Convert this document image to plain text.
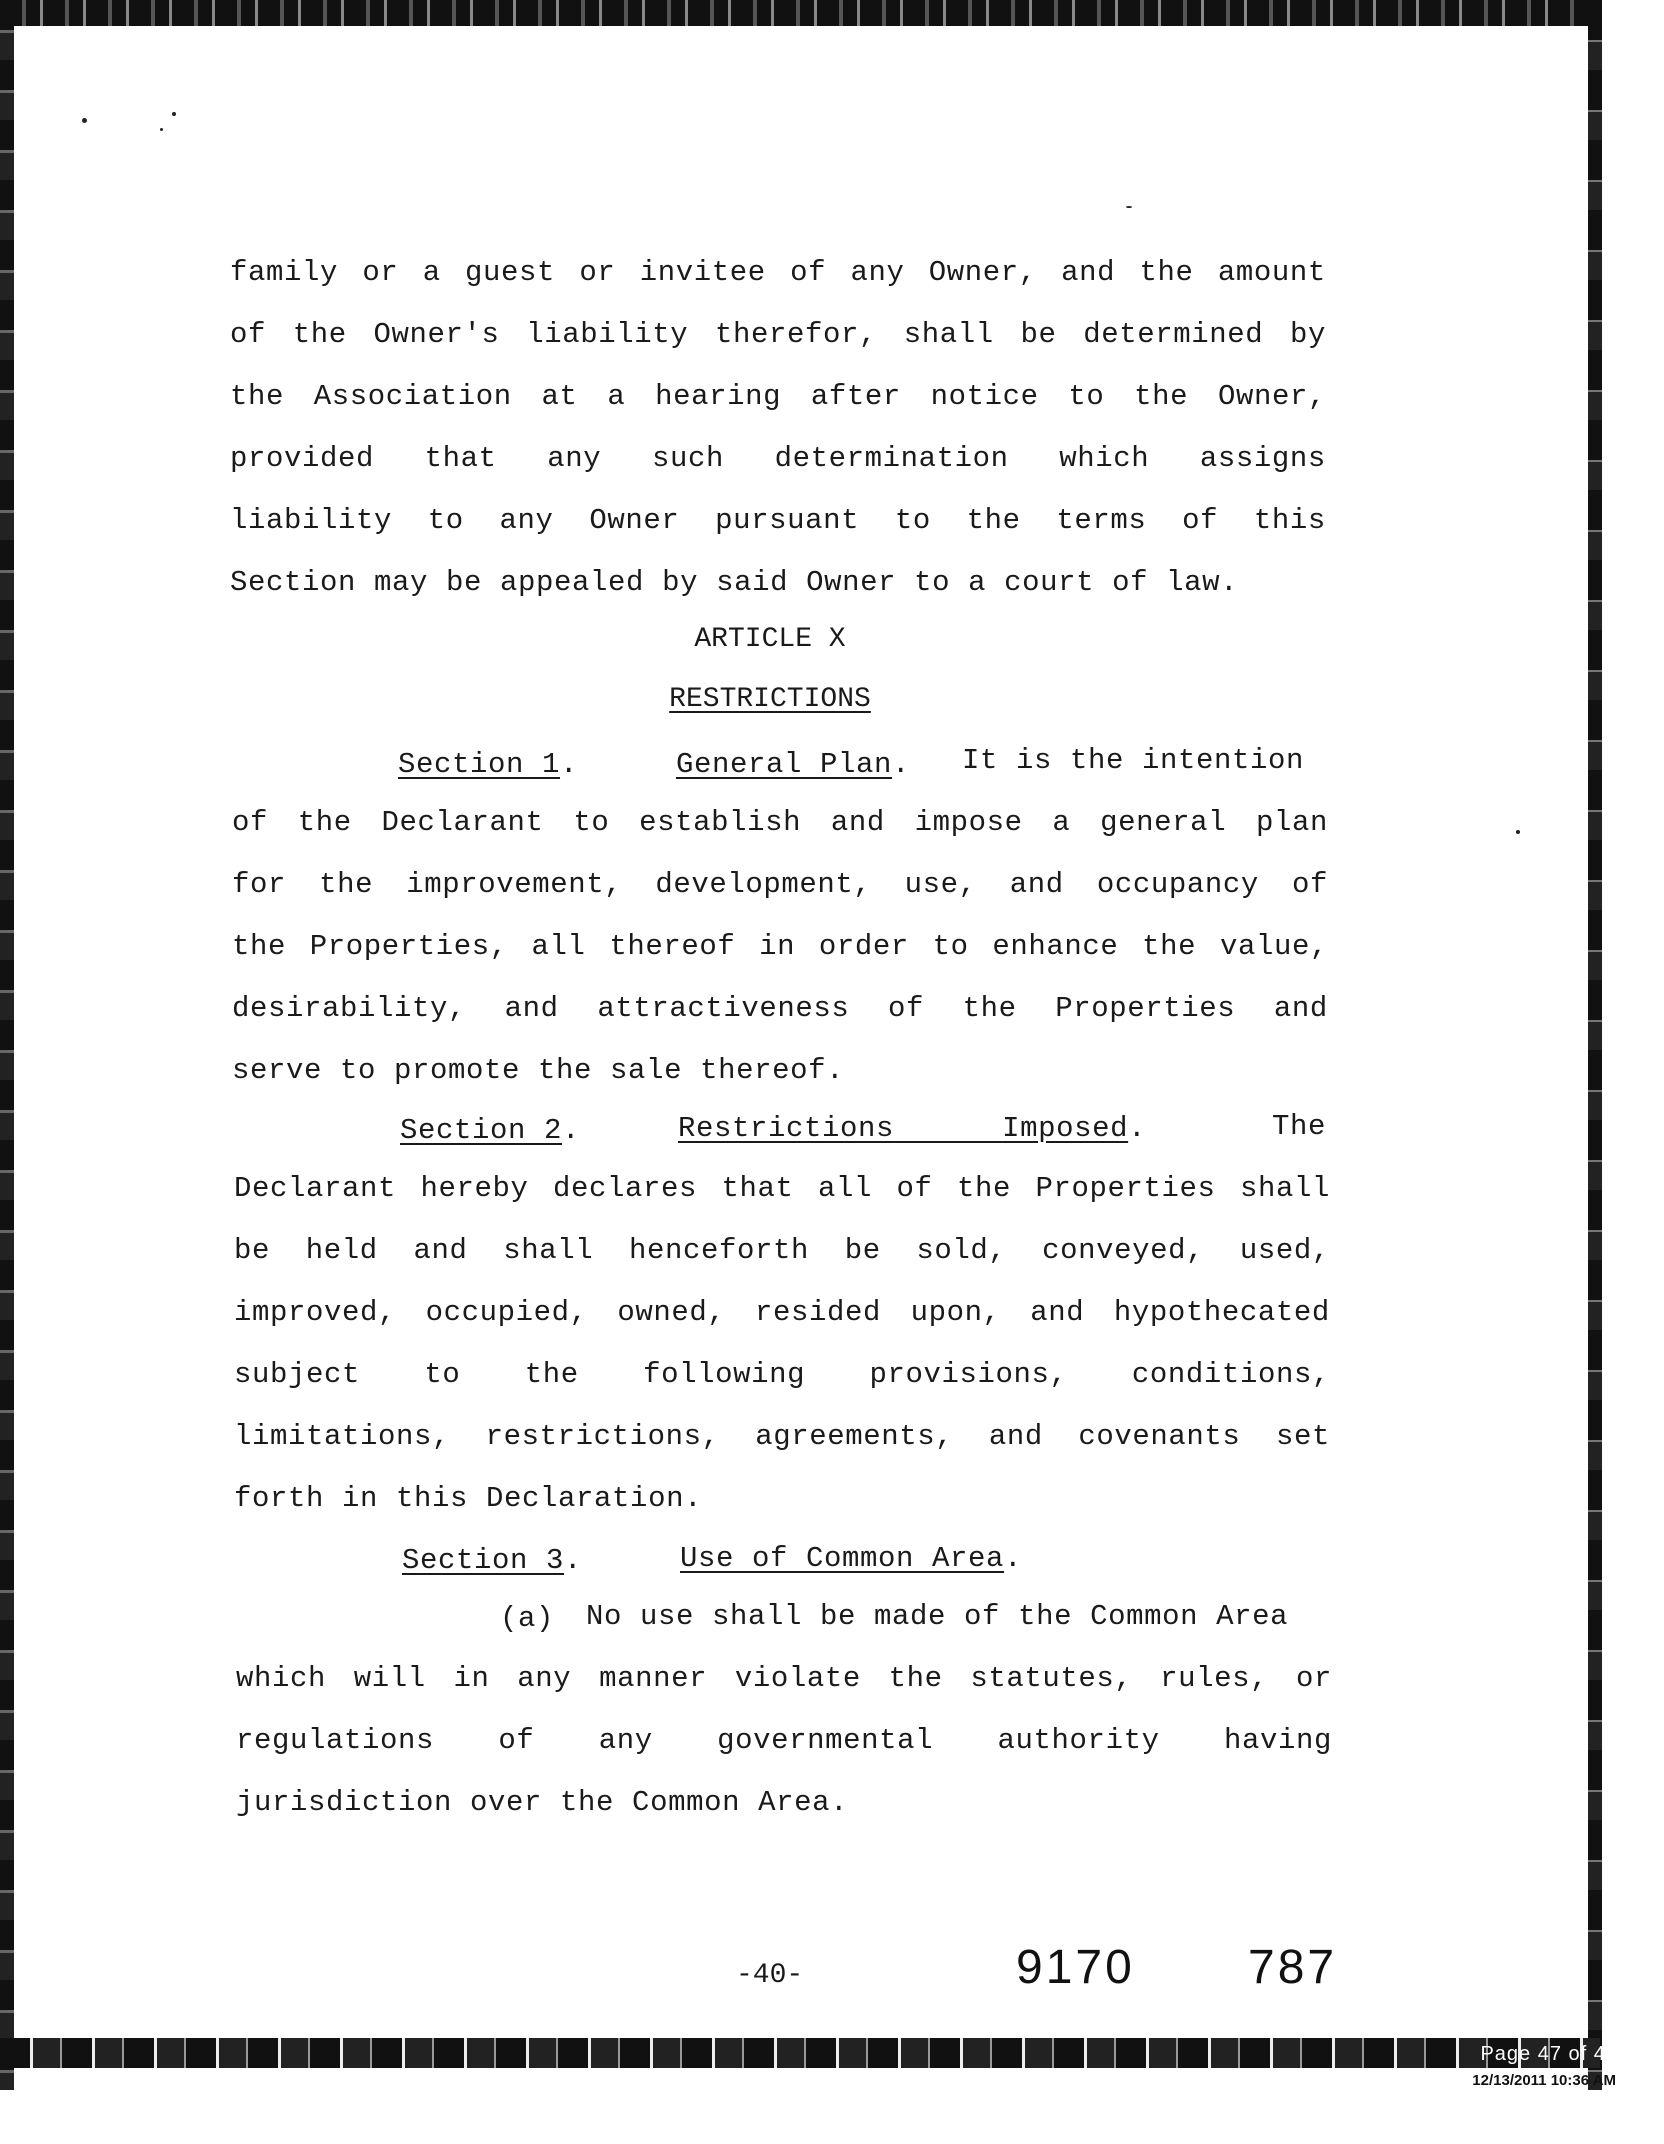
Page 47 of 49
12/13/2011 10:36 AM
family or a guest or invitee of any Owner, and the amount
of the Owner's liability therefor, shall be determined by
the Association at a hearing after notice to the Owner,
provided that any such determination which assigns
liability to any Owner pursuant to the terms of this
Section may be appealed by said Owner to a court of law.
ARTICLE X
RESTRICTIONS
Section 1.	General Plan. It is the intention
of the Declarant to establish and impose a general plan
for the improvement, development, use, and occupancy of
the Properties, all thereof in order to enhance the value,
desirability, and attractiveness of the Properties and
serve to promote the sale thereof.
Section 2.	Restrictions	Imposed.	The
Declarant hereby declares that all of the Properties shall
be held and shall henceforth be sold, conveyed, used,
improved, occupied, owned, resided upon, and hypothecated
subject to the following provisions, conditions,
limitations, restrictions, agreements, and covenants set
forth in this Declaration.
Section 3.	Use of Common Area.
(a) No use shall be made of the Common Area
which will in any manner violate the statutes, rules, or
regulations of any governmental authority having
jurisdiction over the Common Area.
-40-	9170 787
